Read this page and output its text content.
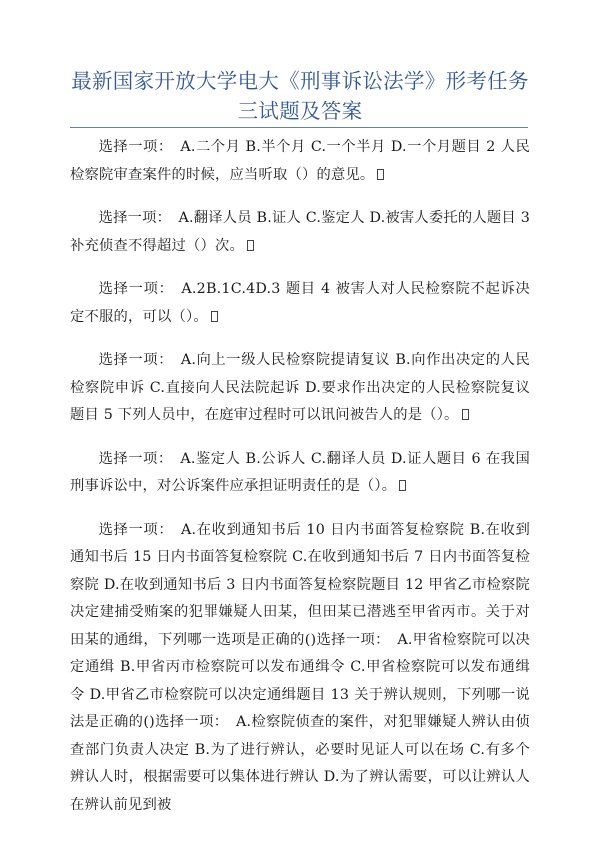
最新国家开放大学电大《刑事诉讼法学》形考任务三试题及答案

选择一项：　A.二个月 B.半个月 C.一个半月 D.一个月题目 2 人民检察院审查案件的时候，应当听取（）的意见。

选择一项：　A.翻译人员 B.证人 C.鉴定人 D.被害人委托的人题目 3 补充侦查不得超过（）次。

选择一项：　A.2B.1C.4D.3 题目 4 被害人对人民检察院不起诉决定不服的，可以（）。

选择一项：　A.向上一级人民检察院提请复议 B.向作出决定的人民检察院申诉 C.直接向人民法院起诉 D.要求作出决定的人民检察院复议题目 5 下列人员中，在庭审过程时可以讯问被告人的是（）。

选择一项：　A.鉴定人 B.公诉人 C.翻译人员 D.证人题目 6 在我国刑事诉讼中，对公诉案件应承担证明责任的是（）。

选择一项：　A.在收到通知书后 10 日内书面答复检察院 B.在收到通知书后 15 日内书面答复检察院 C.在收到通知书后 7 日内书面答复检察院 D.在收到通知书后 3 日内书面答复检察院题目 12 甲省乙市检察院决定建捕受贿案的犯罪嫌疑人田某，但田某已潜逃至甲省丙市。关于对田某的通缉，下列哪一选项是正确的()选择一项：　A.甲省检察院可以决定通缉 B.甲省丙市检察院可以发布通缉令 C.甲省检察院可以发布通缉令 D.甲省乙市检察院可以决定通缉题目 13 关于辨认规则，下列哪一说法是正确的()选择一项：　A.检察院侦查的案件，对犯罪嫌疑人辨认由侦查部门负责人决定 B.为了进行辨认，必要时见证人可以在场 C.有多个辨认人时，根据需要可以集体进行辨认 D.为了辨认需要，可以让辨认人在辨认前见到被
